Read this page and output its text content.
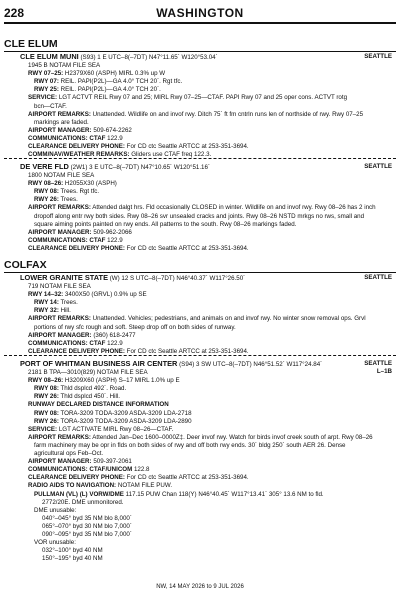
228	WASHINGTON
CLE ELUM
CLE ELUM MUNI (S93) 1 E UTC–8(–7DT) N47°11.65´ W120°53.04´	SEATTLE
1945 B NOTAM FILE SEA
RWY 07–25: H2379X60 (ASPH) MIRL 0.3% up W
RWY 07: REIL. PAPI(P2L)—GA 4.0° TCH 20´. Rgt tfc.
RWY 25: REIL. PAPI(P2L)—GA 4.0° TCH 20´.
SERVICE: LGT ACTVT REIL Rwy 07 and 25; MIRL Rwy 07–25—CTAF. PAPI Rwy 07 and 25 oper cons. ACTVT rotg
bcn—CTAF.
AIRPORT REMARKS: Unattended. Wildlife on and invof rwy. Ditch 75´ ft fm cntrln runs len of northside of rwy. Rwy 07–25
markings are faded.
AIRPORT MANAGER: 509-674-2262
COMMUNICATIONS: CTAF 122.9
CLEARANCE DELIVERY PHONE: For CD ctc Seattle ARTCC at 253-351-3694.
COMM/NAV/WEATHER REMARKS: Gliders use CTAF freq 122.3.
DE VERE FLD (2W1) 3 E UTC–8(–7DT) N47°10.65´ W120°51.16´	SEATTLE
1800 NOTAM FILE SEA
RWY 08–26: H2055X30 (ASPH)
RWY 08: Trees. Rgt tfc.
RWY 26: Trees.
AIRPORT REMARKS: Attended dalgt hrs. Fld occasionally CLOSED in winter. Wildlife on and invof rwy. Rwy 08–26 has 2 inch
dropoff along entr rwy both sides. Rwy 08–26 svr unsealed cracks and joints. Rwy 08–26 NSTD mrkgs no rws, small and
square aiming points painted on rwy ends. All patterns to the south. Rwy 08–26 markings faded.
AIRPORT MANAGER: 509-962-2066
COMMUNICATIONS: CTAF 122.9
CLEARANCE DELIVERY PHONE: For CD ctc Seattle ARTCC at 253-351-3694.
COLFAX
LOWER GRANITE STATE (W) 12 S UTC–8(–7DT) N46°40.37´ W117°26.50´	SEATTLE
719 NOTAM FILE SEA
RWY 14–32: 3400X50 (GRVL) 0.9% up SE
RWY 14: Trees.
RWY 32: Hill.
AIRPORT REMARKS: Unattended. Vehicles; pedestrians, and animals on and invof rwy. No winter snow removal ops. Grvl
portions of rwy sfc rough and soft. Steep drop off on both sides of runway.
AIRPORT MANAGER: (360) 618-2477
COMMUNICATIONS: CTAF 122.9
CLEARANCE DELIVERY PHONE: For CD ctc Seattle ARTCC at 253-351-3694.
PORT OF WHITMAN BUSINESS AIR CENTER (S94) 3 SW UTC–8(–7DT) N46°51.52´ W117°24.84´	SEATTLE
L–1B
2181 B TPA—3010(829) NOTAM FILE SEA
RWY 08–26: H3209X60 (ASPH) S–17 MIRL 1.0% up E
RWY 08: Thld dsplcd 492´. Road.
RWY 26: Thld dsplcd 450´. Hill.
RUNWAY DECLARED DISTANCE INFORMATION
RWY 08: TORA-3209 TODA-3209 ASDA-3209 LDA-2718
RWY 26: TORA-3209 TODA-3209 ASDA-3209 LDA-2890
SERVICE: LGT ACTIVATE MIRL Rwy 08–26—CTAF.
AIRPORT REMARKS: Attended Jan–Dec 1600–0000Z‡. Deer invof rwy. Watch for birds invof creek south of arpt. Rwy 08–26
farm machinery may be opr in flds on both sides of rwy and off both rwy ends. 30´ bldg 250´ south AER 26. Dense
agricultural ops Feb–Oct.
AIRPORT MANAGER: 509-397-2061
COMMUNICATIONS: CTAF/UNICOM 122.8
CLEARANCE DELIVERY PHONE: For CD ctc Seattle ARTCC at 253-351-3694.
RADIO AIDS TO NAVIGATION: NOTAM FILE PUW.
PULLMAN (VL) (L) VORW/DME 117.15 PUW Chan 118(Y) N46°40.45´ W117°13.41´ 305° 13.6 NM to fld.
2772/20E. DME unmonitored.
DME unusable:
040°–045° byd 35 NM blo 8,000´
065°–070° byd 30 NM blo 7,000´
090°–095° byd 35 NM blo 7,000´
VOR unusable:
032°–100° byd 40 NM
150°–195° byd 40 NM
NW, 14 MAY 2026 to 9 JUL 2026
